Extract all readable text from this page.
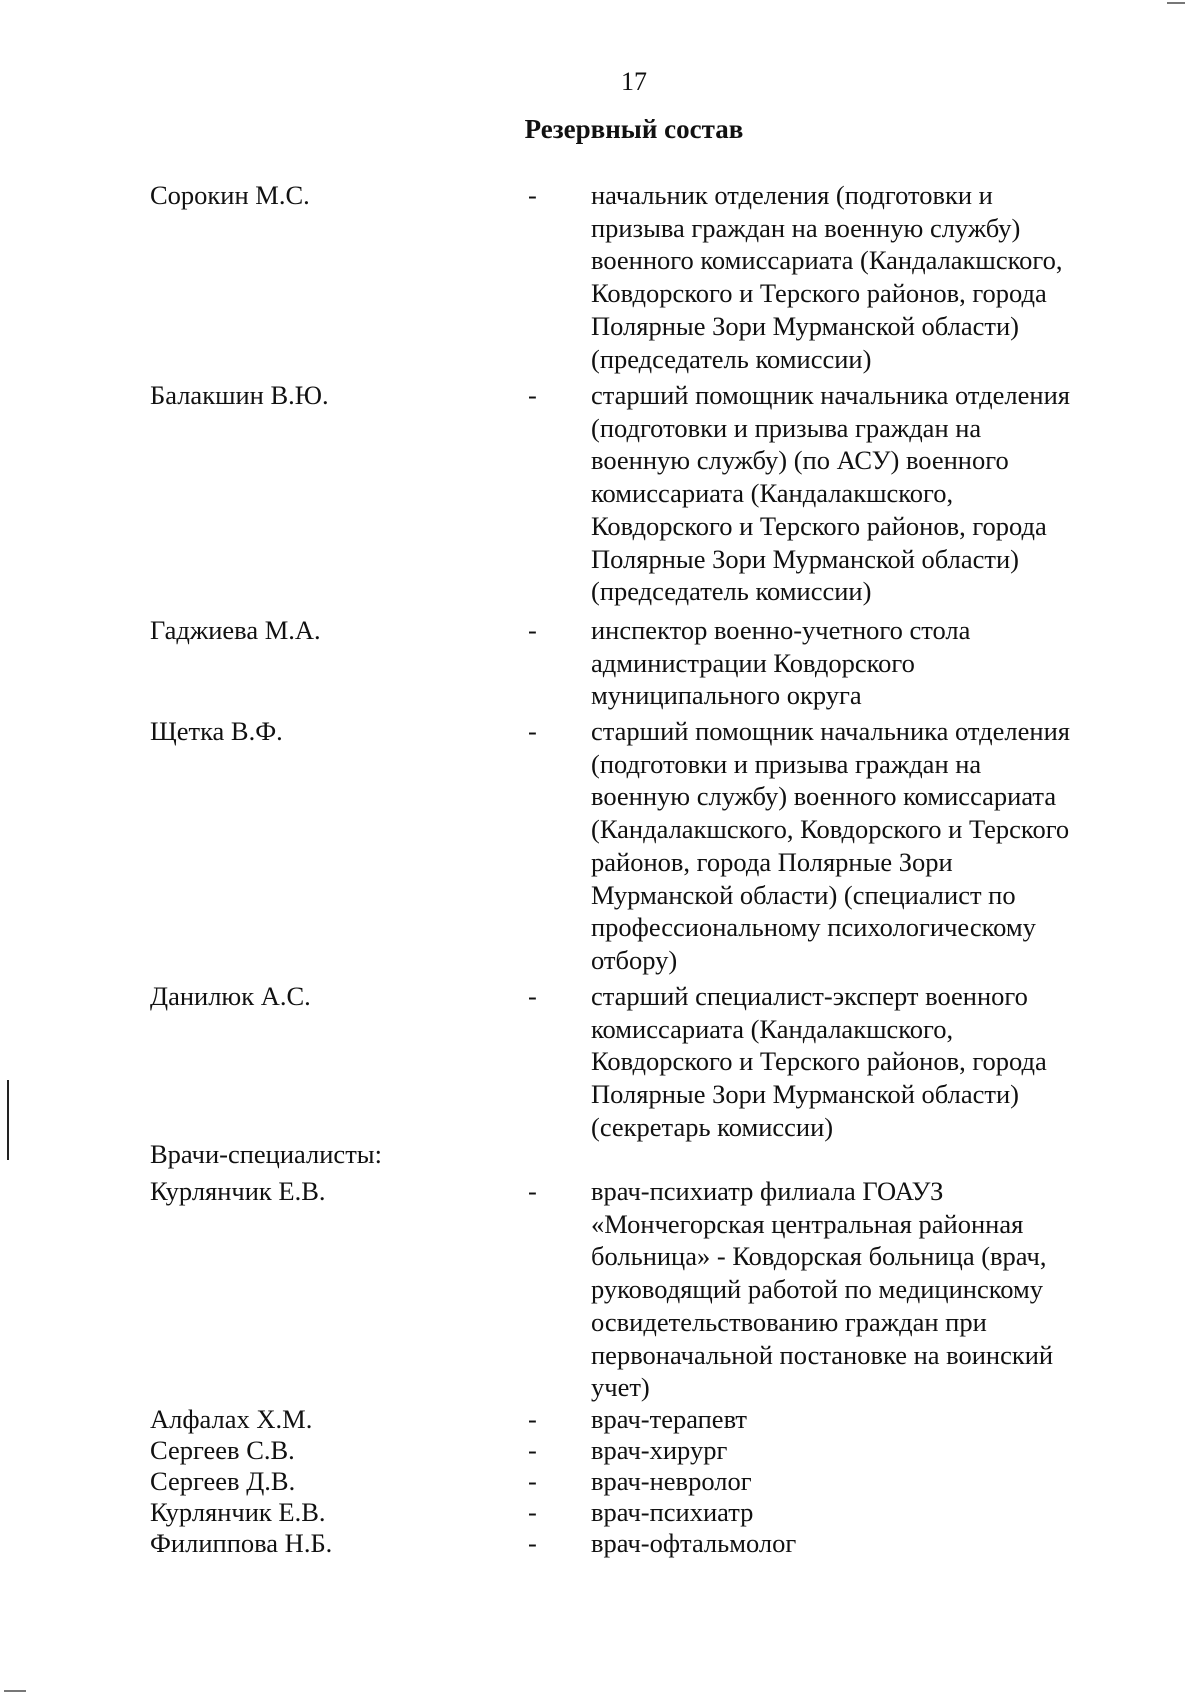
17
Резервный состав
Сорокин М.С.	- начальник отделения (подготовки и
призыва граждан на военную службу)
военного комиссариата (Кандалакшского,
Ковдорского и Терского районов, города
Полярные Зори Мурманской области)
(председатель комиссии)
Балакшин В.Ю.	- старший помощник начальника отделения
(подготовки и призыва граждан на
военную службу) (по АСУ) военного
комиссариата (Кандалакшского,
Ковдорского и Терского районов, города
Полярные Зори Мурманской области)
(председатель комиссии)
Гаджиева М.А.	- инспектор военно-учетного стола
администрации Ковдорского
муниципального округа
Щетка В.Ф.	- старший помощник начальника отделения
(подготовки и призыва граждан на
военную службу) военного комиссариата
(Кандалакшского, Ковдорского и Терского
районов, города Полярные Зори
Мурманской области) (специалист по
профессиональному психологическому
отбору)
Данилюк А.С.	- старший специалист-эксперт военного
комиссариата (Кандалакшского,
Ковдорского и Терского районов, города
Полярные Зори Мурманской области)
(секретарь комиссии)
Врачи-специалисты:
Курлянчик Е.В.	- врач-психиатр филиала ГОАУЗ
«Мончегорская центральная районная
больница» - Ковдорская больница (врач,
руководящий работой по медицинскому
освидетельствованию граждан при
первоначальной постановке на воинский
учет)
Алфалах Х.М.	- врач-терапевт
Сергеев С.В.	- врач-хирург
Сергеев Д.В.	- врач-невролог
Курлянчик Е.В.	- врач-психиатр
Филиппова Н.Б.	- врач-офтальмолог
